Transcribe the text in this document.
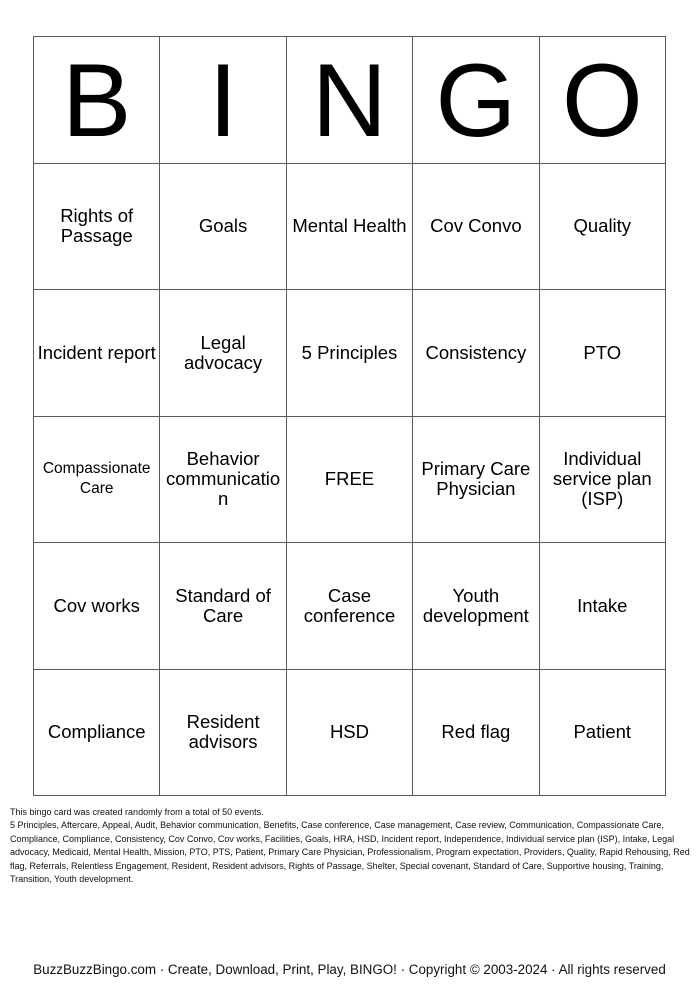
B	I	N	G	O
Rights of Passage	Goals	Mental Health	Cov Convo	Quality
Incident report	Legal advocacy	5 Principles	Consistency	PTO
Compassionate Care	Behavior communication	FREE	Primary Care Physician	Individual service plan (ISP)
Cov works	Standard of Care	Case conference	Youth development	Intake
Compliance	Resident advisors	HSD	Red flag	Patient

This bingo card was created randomly from a total of 50 events.

5 Principles, Aftercare, Appeal, Audit, Behavior communication, Benefits, Case conference, Case management, Case review, Communication, Compassionate Care, Compliance, Compliance, Consistency, Cov Convo, Cov works, Facilities, Goals, HRA, HSD, Incident report, Independence, Individual service plan (ISP), Intake, Legal advocacy, Medicaid, Mental Health, Mission, PTO, PTS, Patient, Primary Care Physician, Professionalism, Program expectation, Providers, Quality, Rapid Rehousing, Red flag, Referrals, Relentless Engagement, Resident, Resident advisors, Rights of Passage, Shelter, Special covenant, Standard of Care, Supportive housing, Training, Transition, Youth development.

BuzzBuzzBingo.com · Create, Download, Print, Play, BINGO! · Copyright © 2003-2024 · All rights reserved
